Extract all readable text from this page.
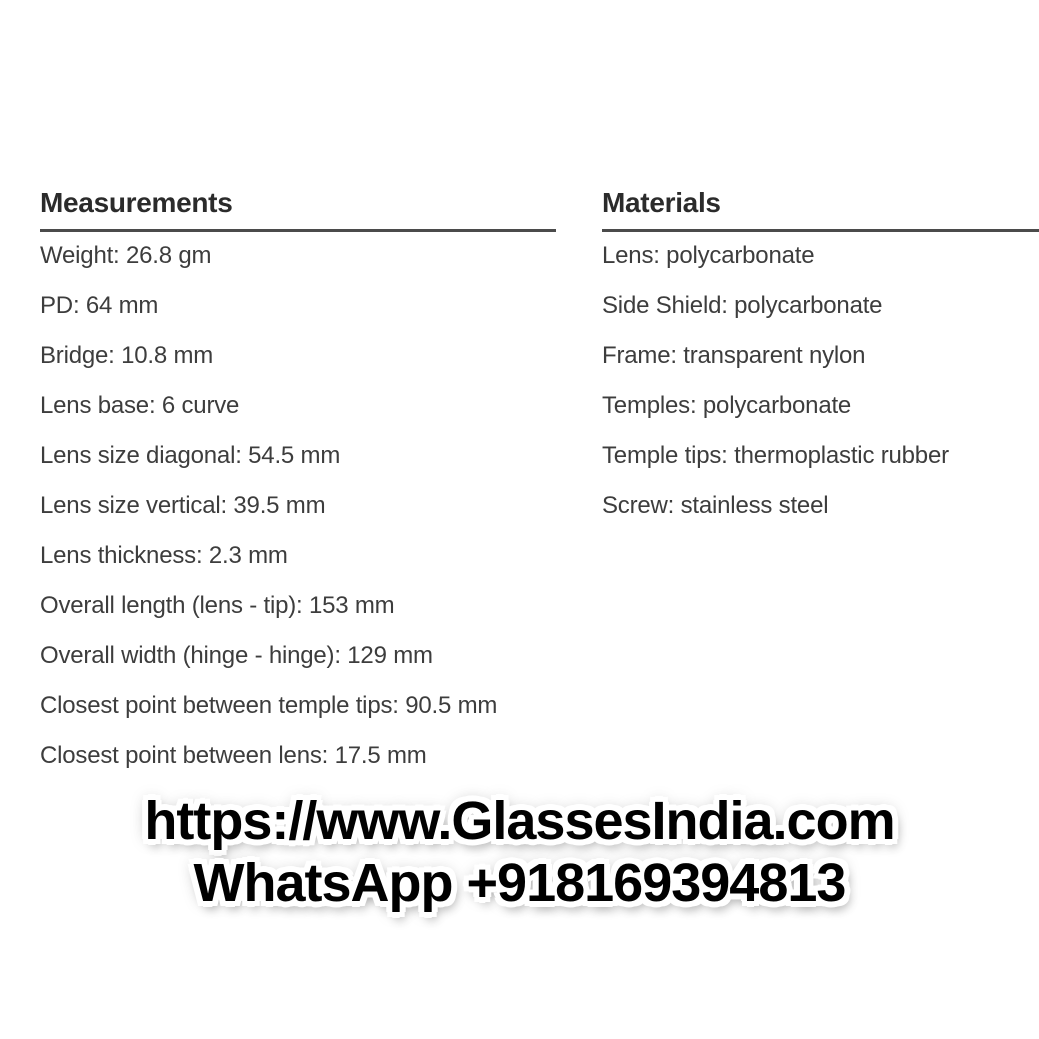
Measurements
Weight: 26.8 gm
PD: 64 mm
Bridge: 10.8 mm
Lens base: 6 curve
Lens size diagonal: 54.5 mm
Lens size vertical: 39.5 mm
Lens thickness: 2.3 mm
Overall length (lens - tip): 153 mm
Overall width (hinge - hinge): 129 mm
Closest point between temple tips: 90.5 mm
Closest point between lens: 17.5 mm
Materials
Lens: polycarbonate
Side Shield: polycarbonate
Frame: transparent nylon
Temples: polycarbonate
Temple tips: thermoplastic rubber
Screw: stainless steel
https://www.GlassesIndia.com
WhatsApp +918169394813
